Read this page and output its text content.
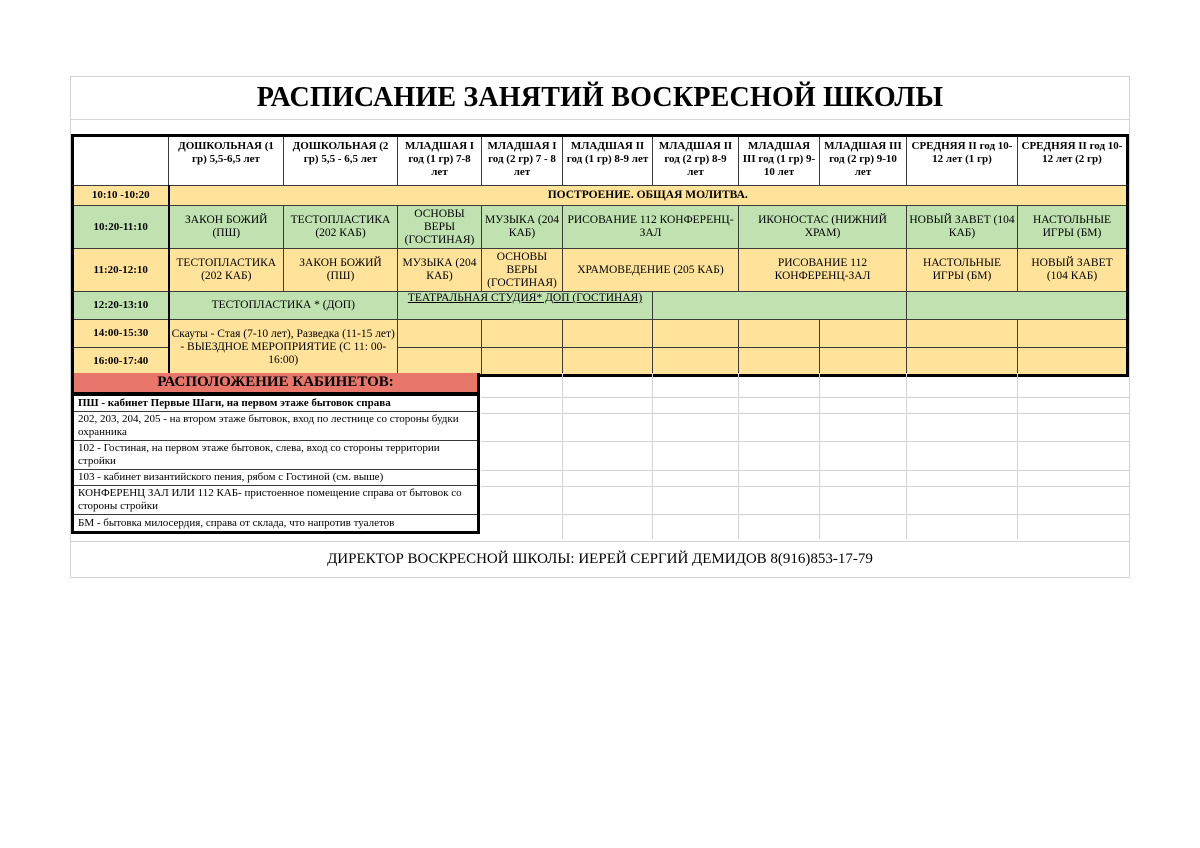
РАСПИСАНИЕ ЗАНЯТИЙ ВОСКРЕСНОЙ ШКОЛЫ
	ДОШКОЛЬНАЯ (1 гр) 5,5-6,5 лет	ДОШКОЛЬНАЯ (2 гр) 5,5 - 6,5 лет	МЛАДШАЯ I год (1 гр) 7-8 лет	МЛАДШАЯ I год (2 гр) 7 - 8 лет	МЛАДШАЯ II год (1 гр) 8-9 лет	МЛАДШАЯ II год (2 гр) 8-9 лет	МЛАДШАЯ III год (1 гр) 9-10 лет	МЛАДШАЯ III год (2 гр) 9-10 лет	СРЕДНЯЯ II год 10-12 лет (1 гр)	СРЕДНЯЯ II год 10-12 лет (2 гр)
10:10 -10:20	ПОСТРОЕНИЕ. ОБЩАЯ МОЛИТВА.									
10:20-11:10	ЗАКОН БОЖИЙ (ПШ)	ТЕСТОПЛАСТИКА (202 КАБ)	ОСНОВЫ ВЕРЫ (ГОСТИНАЯ)	МУЗЫКА (204 КАБ)	РИСОВАНИЕ 112 КОНФЕРЕНЦ-ЗАЛ		ИКОНОСТАС (НИЖНИЙ ХРАМ)		НОВЫЙ ЗАВЕТ (104 КАБ)	НАСТОЛЬНЫЕ ИГРЫ (БМ)
11:20-12:10	ТЕСТОПЛАСТИКА (202 КАБ)	ЗАКОН БОЖИЙ (ПШ)	МУЗЫКА (204 КАБ)	ОСНОВЫ ВЕРЫ (ГОСТИНАЯ)	ХРАМОВЕДЕНИЕ (205 КАБ)		РИСОВАНИЕ 112 КОНФЕРЕНЦ-ЗАЛ		НАСТОЛЬНЫЕ ИГРЫ (БМ)	НОВЫЙ ЗАВЕТ (104 КАБ)
12:20-13:10	ТЕСТОПЛАСТИКА * (ДОП)		ТЕАТРАЛЬНАЯ СТУДИЯ* ДОП (ГОСТИНАЯ)							
14:00-15:30	Скауты - Стая (7-10 лет), Разведка (11-15 лет) - ВЫЕЗДНОЕ МЕРОПРИЯТИЕ (С 11: 00-16:00)									
16:00-17:40										
РАСПОЛОЖЕНИЕ КАБИНЕТОВ:
ПШ - кабинет Первые Шаги, на первом этаже бытовок справа
202, 203, 204, 205 - на втором этаже бытовок, вход по лестнице со стороны будки охранника
102 - Гостиная, на первом этаже бытовок, слева, вход со стороны территории стройки
103 - кабинет византийского пения, рябом с Гостиной (см. выше)
КОНФЕРЕНЦ ЗАЛ ИЛИ 112 КАБ- пристоенное помещение справа от бытовок со стороны стройки
БМ - бытовка милосердия, справа от склада, что напротив туалетов
ДИРЕКТОР ВОСКРЕСНОЙ ШКОЛЫ: ИЕРЕЙ СЕРГИЙ ДЕМИДОВ 8(916)853-17-79
